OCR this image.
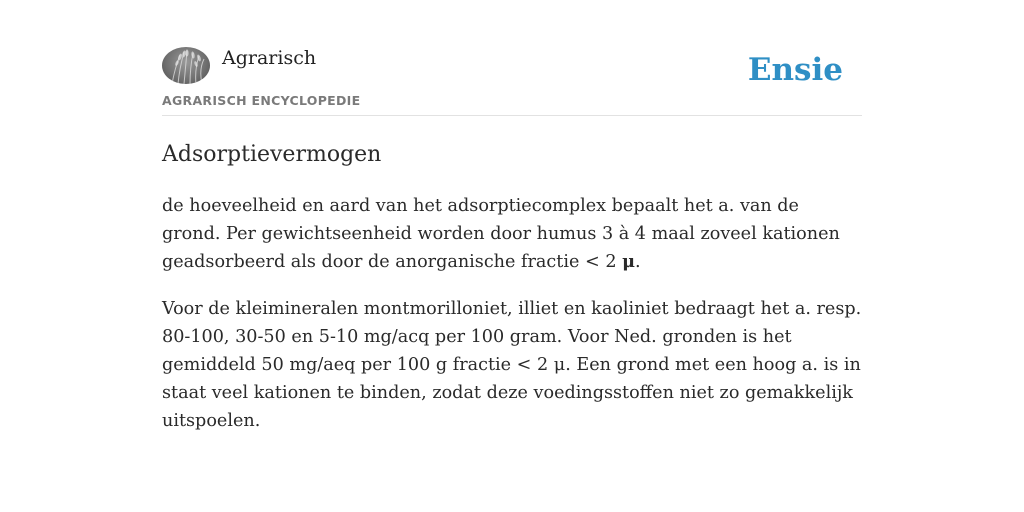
Agrarisch
AGRARISCH ENCYCLOPEDIE
Ensie
Adsorptievermogen

de hoeveelheid en aard van het adsorptiecomplex bepaalt het a. van de grond. Per gewichtseenheid worden door humus 3 à 4 maal zoveel kationen geadsorbeerd als door de anorganische fractie < 2 μ.

Voor de kleimineralen montmorilloniet, illiet en kaoliniet bedraagt het a. resp. 80-100, 30-50 en 5-10 mg/acq per 100 gram. Voor Ned. gronden is het gemiddeld 50 mg/aeq per 100 g fractie < 2 μ. Een grond met een hoog a. is in staat veel kationen te binden, zodat deze voedingsstoffen niet zo gemakkelijk uitspoelen.
